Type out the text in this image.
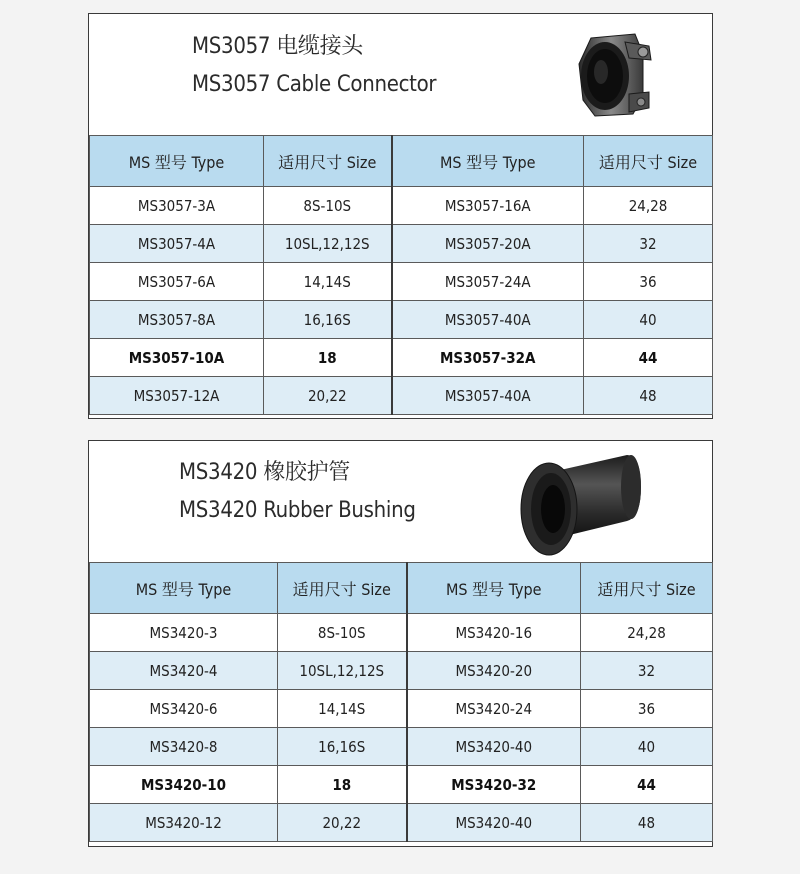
MS3057 电缆接头
MS3057 Cable Connector
MS 型号 Type	适用尺寸 Size	MS 型号 Type	适用尺寸 Size
MS3057-3A	8S-10S	MS3057-16A	24,28
MS3057-4A	10SL,12,12S	MS3057-20A	32
MS3057-6A	14,14S	MS3057-24A	36
MS3057-8A	16,16S	MS3057-40A	40
MS3057-10A	18	MS3057-32A	44
MS3057-12A	20,22	MS3057-40A	48
MS3420 橡胶护管
MS3420 Rubber Bushing
MS 型号 Type	适用尺寸 Size	MS 型号 Type	适用尺寸 Size
MS3420-3	8S-10S	MS3420-16	24,28
MS3420-4	10SL,12,12S	MS3420-20	32
MS3420-6	14,14S	MS3420-24	36
MS3420-8	16,16S	MS3420-40	40
MS3420-10	18	MS3420-32	44
MS3420-12	20,22	MS3420-40	48
